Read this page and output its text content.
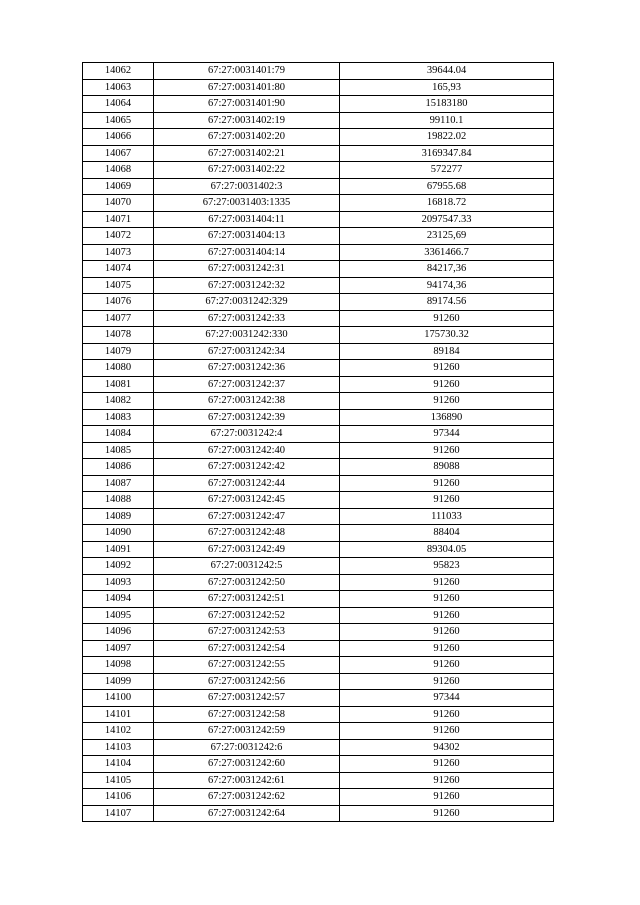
14062	67:27:0031401:79	39644.04
14063	67:27:0031401:80	165,93
14064	67:27:0031401:90	15183180
14065	67:27:0031402:19	99110.1
14066	67:27:0031402:20	19822.02
14067	67:27:0031402:21	3169347.84
14068	67:27:0031402:22	572277
14069	67:27:0031402:3	67955.68
14070	67:27:0031403:1335	16818.72
14071	67:27:0031404:11	2097547.33
14072	67:27:0031404:13	23125,69
14073	67:27:0031404:14	3361466.7
14074	67:27:0031242:31	84217,36
14075	67:27:0031242:32	94174,36
14076	67:27:0031242:329	89174.56
14077	67:27:0031242:33	91260
14078	67:27:0031242:330	175730.32
14079	67:27:0031242:34	89184
14080	67:27:0031242:36	91260
14081	67:27:0031242:37	91260
14082	67:27:0031242:38	91260
14083	67:27:0031242:39	136890
14084	67:27:0031242:4	97344
14085	67:27:0031242:40	91260
14086	67:27:0031242:42	89088
14087	67:27:0031242:44	91260
14088	67:27:0031242:45	91260
14089	67:27:0031242:47	111033
14090	67:27:0031242:48	88404
14091	67:27:0031242:49	89304.05
14092	67:27:0031242:5	95823
14093	67:27:0031242:50	91260
14094	67:27:0031242:51	91260
14095	67:27:0031242:52	91260
14096	67:27:0031242:53	91260
14097	67:27:0031242:54	91260
14098	67:27:0031242:55	91260
14099	67:27:0031242:56	91260
14100	67:27:0031242:57	97344
14101	67:27:0031242:58	91260
14102	67:27:0031242:59	91260
14103	67:27:0031242:6	94302
14104	67:27:0031242:60	91260
14105	67:27:0031242:61	91260
14106	67:27:0031242:62	91260
14107	67:27:0031242:64	91260
